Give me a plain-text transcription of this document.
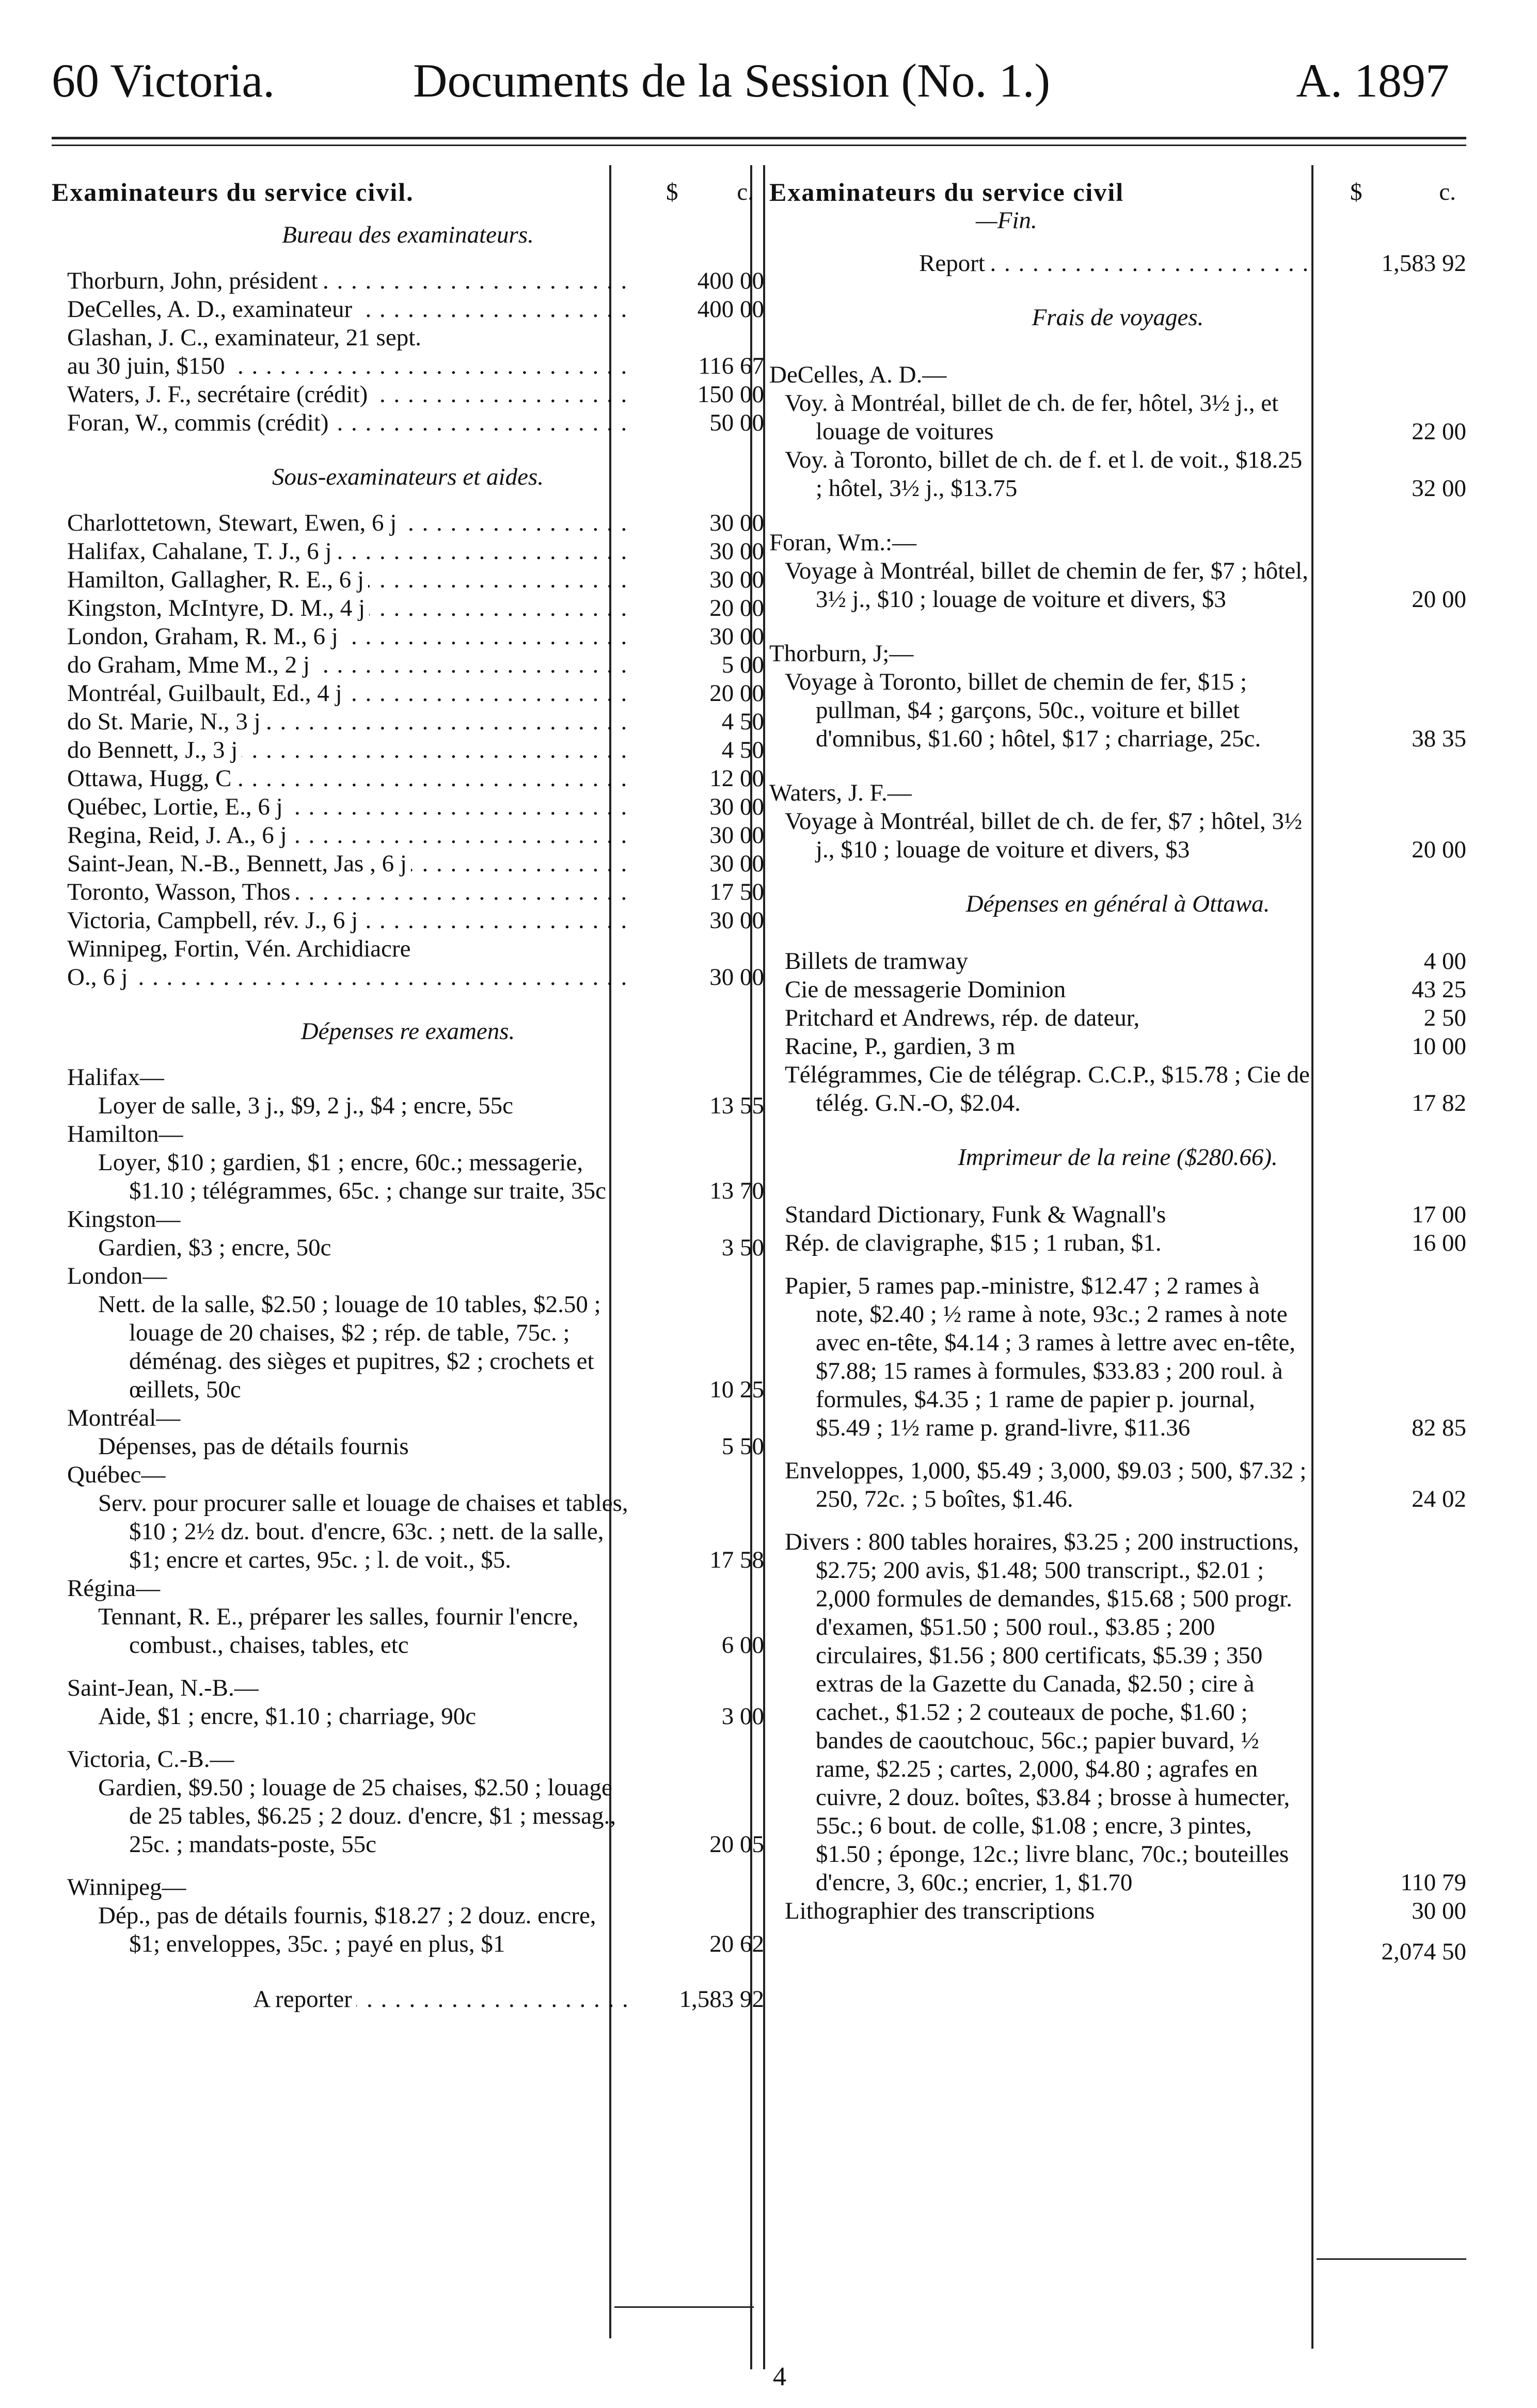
60 Victoria.	Documents de la Session (No. 1.)	A. 1897
Examinateurs du service civil.	$ c.
Bureau des examinateurs.
Thorburn, John, président . . .	400 00
DeCelles, A. D., examinateur . . .	400 00
Glashan, J. C., examinateur, 21 sept.
au 30 juin, $150 . . .	116 67
Waters, J. F., secrétaire (crédit) . . .	150 00
Foran, W., commis (crédit) . . .	50 00
Sous-examinateurs et aides.
Charlottetown, Stewart, Ewen, 6 j . . .	30 00
Halifax, Cahalane, T. J., 6 j . . .	30 00
Hamilton, Gallagher, R. E., 6 j . . .	30 00
Kingston, McIntyre, D. M., 4 j . . .	20 00
London, Graham, R. M., 6 j . . .	30 00
do Graham, Mme M., 2 j . . .	5 00
Montréal, Guilbault, Ed., 4 j . . .	20 00
do St. Marie, N., 3 j . . .	4 50
do Bennett, J., 3 j . . .	4 50
Ottawa, Hugg, C . . .	12 00
Québec, Lortie, E., 6 j . . .	30 00
Regina, Reid, J. A., 6 j . . .	30 00
Saint-Jean, N.-B., Bennett, Jas , 6 j . . .	30 00
Toronto, Wasson, Thos . . .	17 50
Victoria, Campbell, rév. J., 6 j . . .	30 00
Winnipeg, Fortin, Vén. Archidiacre
O., 6 j . . .	30 00
Dépenses re examens.
Halifax—
Loyer de salle, 3 j., $9, 2 j., $4 ; encre, 55c	13 55
Hamilton—
Loyer, $10 ; gardien, $1 ; encre, 60c.; messagerie, $1.10 ; télégrammes, 65c. ; change sur traite, 35c	13 70
Kingston—
Gardien, $3 ; encre, 50c	3 50
London—
Nett. de la salle, $2.50 ; louage de 10 tables, $2.50 ; louage de 20 chaises, $2 ; rép. de table, 75c. ; déménag. des sièges et pupitres, $2 ; crochets et œillets, 50c	10 25
Montréal—
Dépenses, pas de détails fournis	5 50
Québec—
Serv. pour procurer salle et louage de chaises et tables, $10 ; 2½ dz. bout. d'encre, 63c. ; nett. de la salle, $1; encre et cartes, 95c. ; l. de voit., $5.	17 58
Régina—
Tennant, R. E., préparer les salles, fournir l'encre, combust., chaises, tables, etc	6 00
Saint-Jean, N.-B.—
Aide, $1 ; encre, $1.10 ; charriage, 90c	3 00
Victoria, C.-B.—
Gardien, $9.50 ; louage de 25 chaises, $2.50 ; louage de 25 tables, $6.25 ; 2 douz. d'encre, $1 ; messag., 25c. ; mandats-poste, 55c	20 05
Winnipeg—
Dép., pas de détails fournis, $18.27 ; 2 douz. encre, $1; enveloppes, 35c. ; payé en plus, $1	20 62
A reporter . . .	1,583 92
Examinateurs du service civil	$	c.
—Fin.
Report . . .	1,583 92
Frais de voyages.
DeCelles, A. D.—
Voy. à Montréal, billet de ch. de fer, hôtel, 3½ j., et louage de voitures	22 00
Voy. à Toronto, billet de ch. de f. et l. de voit., $18.25 ; hôtel, 3½ j., $13.75	32 00
Foran, Wm.:—
Voyage à Montréal, billet de chemin de fer, $7 ; hôtel, 3½ j., $10 ; louage de voiture et divers, $3	20 00
Thorburn, J;—
Voyage à Toronto, billet de chemin de fer, $15 ; pullman, $4 ; garçons, 50c., voiture et billet d'omnibus, $1.60 ; hôtel, $17 ; charriage, 25c.	38 35
Waters, J. F.—
Voyage à Montréal, billet de ch. de fer, $7 ; hôtel, 3½ j., $10 ; louage de voiture et divers, $3	20 00
Dépenses en général à Ottawa.
Billets de tramway	4 00
Cie de messagerie Dominion	43 25
Pritchard et Andrews, rép. de dateur,	2 50
Racine, P., gardien, 3 m	10 00
Télégrammes, Cie de télégrap. C.C.P., $15.78 ; Cie de télég. G.N.-O, $2.04.	17 82
Imprimeur de la reine ($280.66).
Standard Dictionary, Funk & Wagnall's	17 00
Rép. de clavigraphe, $15 ; 1 ruban, $1.	16 00
Papier, 5 rames pap.-ministre, $12.47 ; 2 rames à note, $2.40 ; ½ rame à note, 93c.; 2 rames à note avec en-tête, $4.14 ; 3 rames à lettre avec en-tête, $7.88; 15 rames à formules, $33.83 ; 200 roul. à formules, $4.35 ; 1 rame de papier p. journal, $5.49 ; 1½ rame p. grand-livre, $11.36	82 85
Enveloppes, 1,000, $5.49 ; 3,000, $9.03 ; 500, $7.32 ; 250, 72c. ; 5 boîtes, $1.46.	24 02
Divers : 800 tables horaires, $3.25 ; 200 instructions, $2.75; 200 avis, $1.48; 500 transcript., $2.01 ; 2,000 formules de demandes, $15.68 ; 500 progr. d'examen, $51.50 ; 500 roul., $3.85 ; 200 circulaires, $1.56 ; 800 certificats, $5.39 ; 350 extras de la Gazette du Canada, $2.50 ; cire à cachet., $1.52 ; 2 couteaux de poche, $1.60 ; bandes de caoutchouc, 56c.; papier buvard, ½ rame, $2.25 ; cartes, 2,000, $4.80 ; agrafes en cuivre, 2 douz. boîtes, $3.84 ; brosse à humecter, 55c.; 6 bout. de colle, $1.08 ; encre, 3 pintes, $1.50 ; éponge, 12c.; livre blanc, 70c.; bouteilles d'encre, 3, 60c.; encrier, 1, $1.70	110 79
Lithographier des transcriptions	30 00
2,074 50
4
